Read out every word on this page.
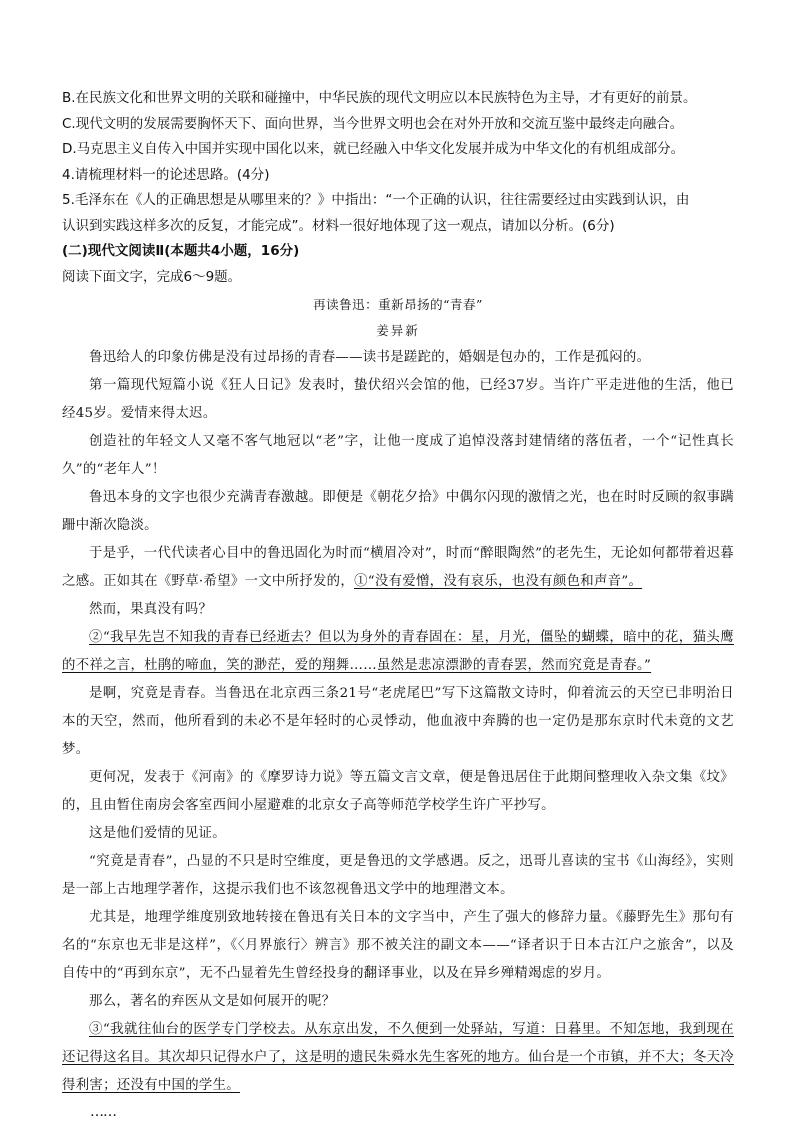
B.在民族文化和世界文明的关联和碰撞中，中华民族的现代文明应以本民族特色为主导，才有更好的前景。
C.现代文明的发展需要胸怀天下、面向世界，当今世界文明也会在对外开放和交流互鉴中最终走向融合。
D.马克思主义自传入中国并实现中国化以来，就已经融入中华文化发展并成为中华文化的有机组成部分。
4.请梳理材料一的论述思路。(4分)
5.毛泽东在《人的正确思想是从哪里来的？》中指出：“一个正确的认识，往往需要经过由实践到认识，由
认识到实践这样多次的反复，才能完成”。材料一很好地体现了这一观点，请加以分析。(6分)
(二)现代文阅读Ⅱ(本题共4小题，16分)
阅读下面文字，完成6～9题。
再读鲁迅：重新昂扬的“青春”
姜异新
鲁迅给人的印象仿佛是没有过昂扬的青春——读书是蹉跎的，婚姻是包办的，工作是孤闷的。
第一篇现代短篇小说《狂人日记》发表时，蛰伏绍兴会馆的他，已经37岁。当许广平走进他的生活，他已经45岁。爱情来得太迟。
创造社的年轻文人又毫不客气地冠以“老”字，让他一度成了追悼没落封建情绪的落伍者，一个“记性真长久”的“老年人”！
鲁迅本身的文字也很少充满青春激越。即便是《朝花夕拾》中偶尔闪现的激情之光，也在时时反顾的叙事蹒跚中渐次隐淡。
于是乎，一代代读者心目中的鲁迅固化为时而“横眉冷对”，时而“醉眼陶然”的老先生，无论如何都带着迟暮之感。正如其在《野草·希望》一文中所抒发的，①“没有爱憎，没有哀乐，也没有颜色和声音”。
然而，果真没有吗？
②“我早先岂不知我的青春已经逝去？但以为身外的青春固在：星，月光，僵坠的蝴蝶，暗中的花，猫头鹰的不祥之言，杜鹃的啼血，笑的渺茫，爱的翔舞……虽然是悲凉漂渺的青春罢，然而究竟是青春。”
是啊，究竟是青春。当鲁迅在北京西三条21号“老虎尾巴”写下这篇散文诗时，仰着流云的天空已非明治日本的天空，然而，他所看到的未必不是年轻时的心灵悸动，他血液中奔腾的也一定仍是那东京时代未竟的文艺梦。
更何况，发表于《河南》的《摩罗诗力说》等五篇文言文章，便是鲁迅居住于此期间整理收入杂文集《坟》的，且由暂住南房会客室西间小屋避难的北京女子高等师范学校学生许广平抄写。
这是他们爱情的见证。
“究竟是青春”，凸显的不只是时空维度，更是鲁迅的文学感遇。反之，迅哥儿喜读的宝书《山海经》，实则是一部上古地理学著作，这提示我们也不该忽视鲁迅文学中的地理潜文本。
尤其是，地理学维度别致地转接在鲁迅有关日本的文字当中，产生了强大的修辞力量。《藤野先生》那句有名的“东京也无非是这样”，《〈月界旅行〉辨言》那不被关注的副文本——“译者识于日本古江户之旅舍”，以及自传中的“再到东京”，无不凸显着先生曾经投身的翻译事业，以及在异乡殚精竭虑的岁月。
那么，著名的弃医从文是如何展开的呢？
③“我就往仙台的医学专门学校去。从东京出发，不久便到一处驿站，写道：日暮里。不知怎地，我到现在还记得这名目。其次却只记得水户了，这是明的遗民朱舜水先生客死的地方。仙台是一个市镇，并不大；冬天冷得利害；还没有中国的学生。
……
